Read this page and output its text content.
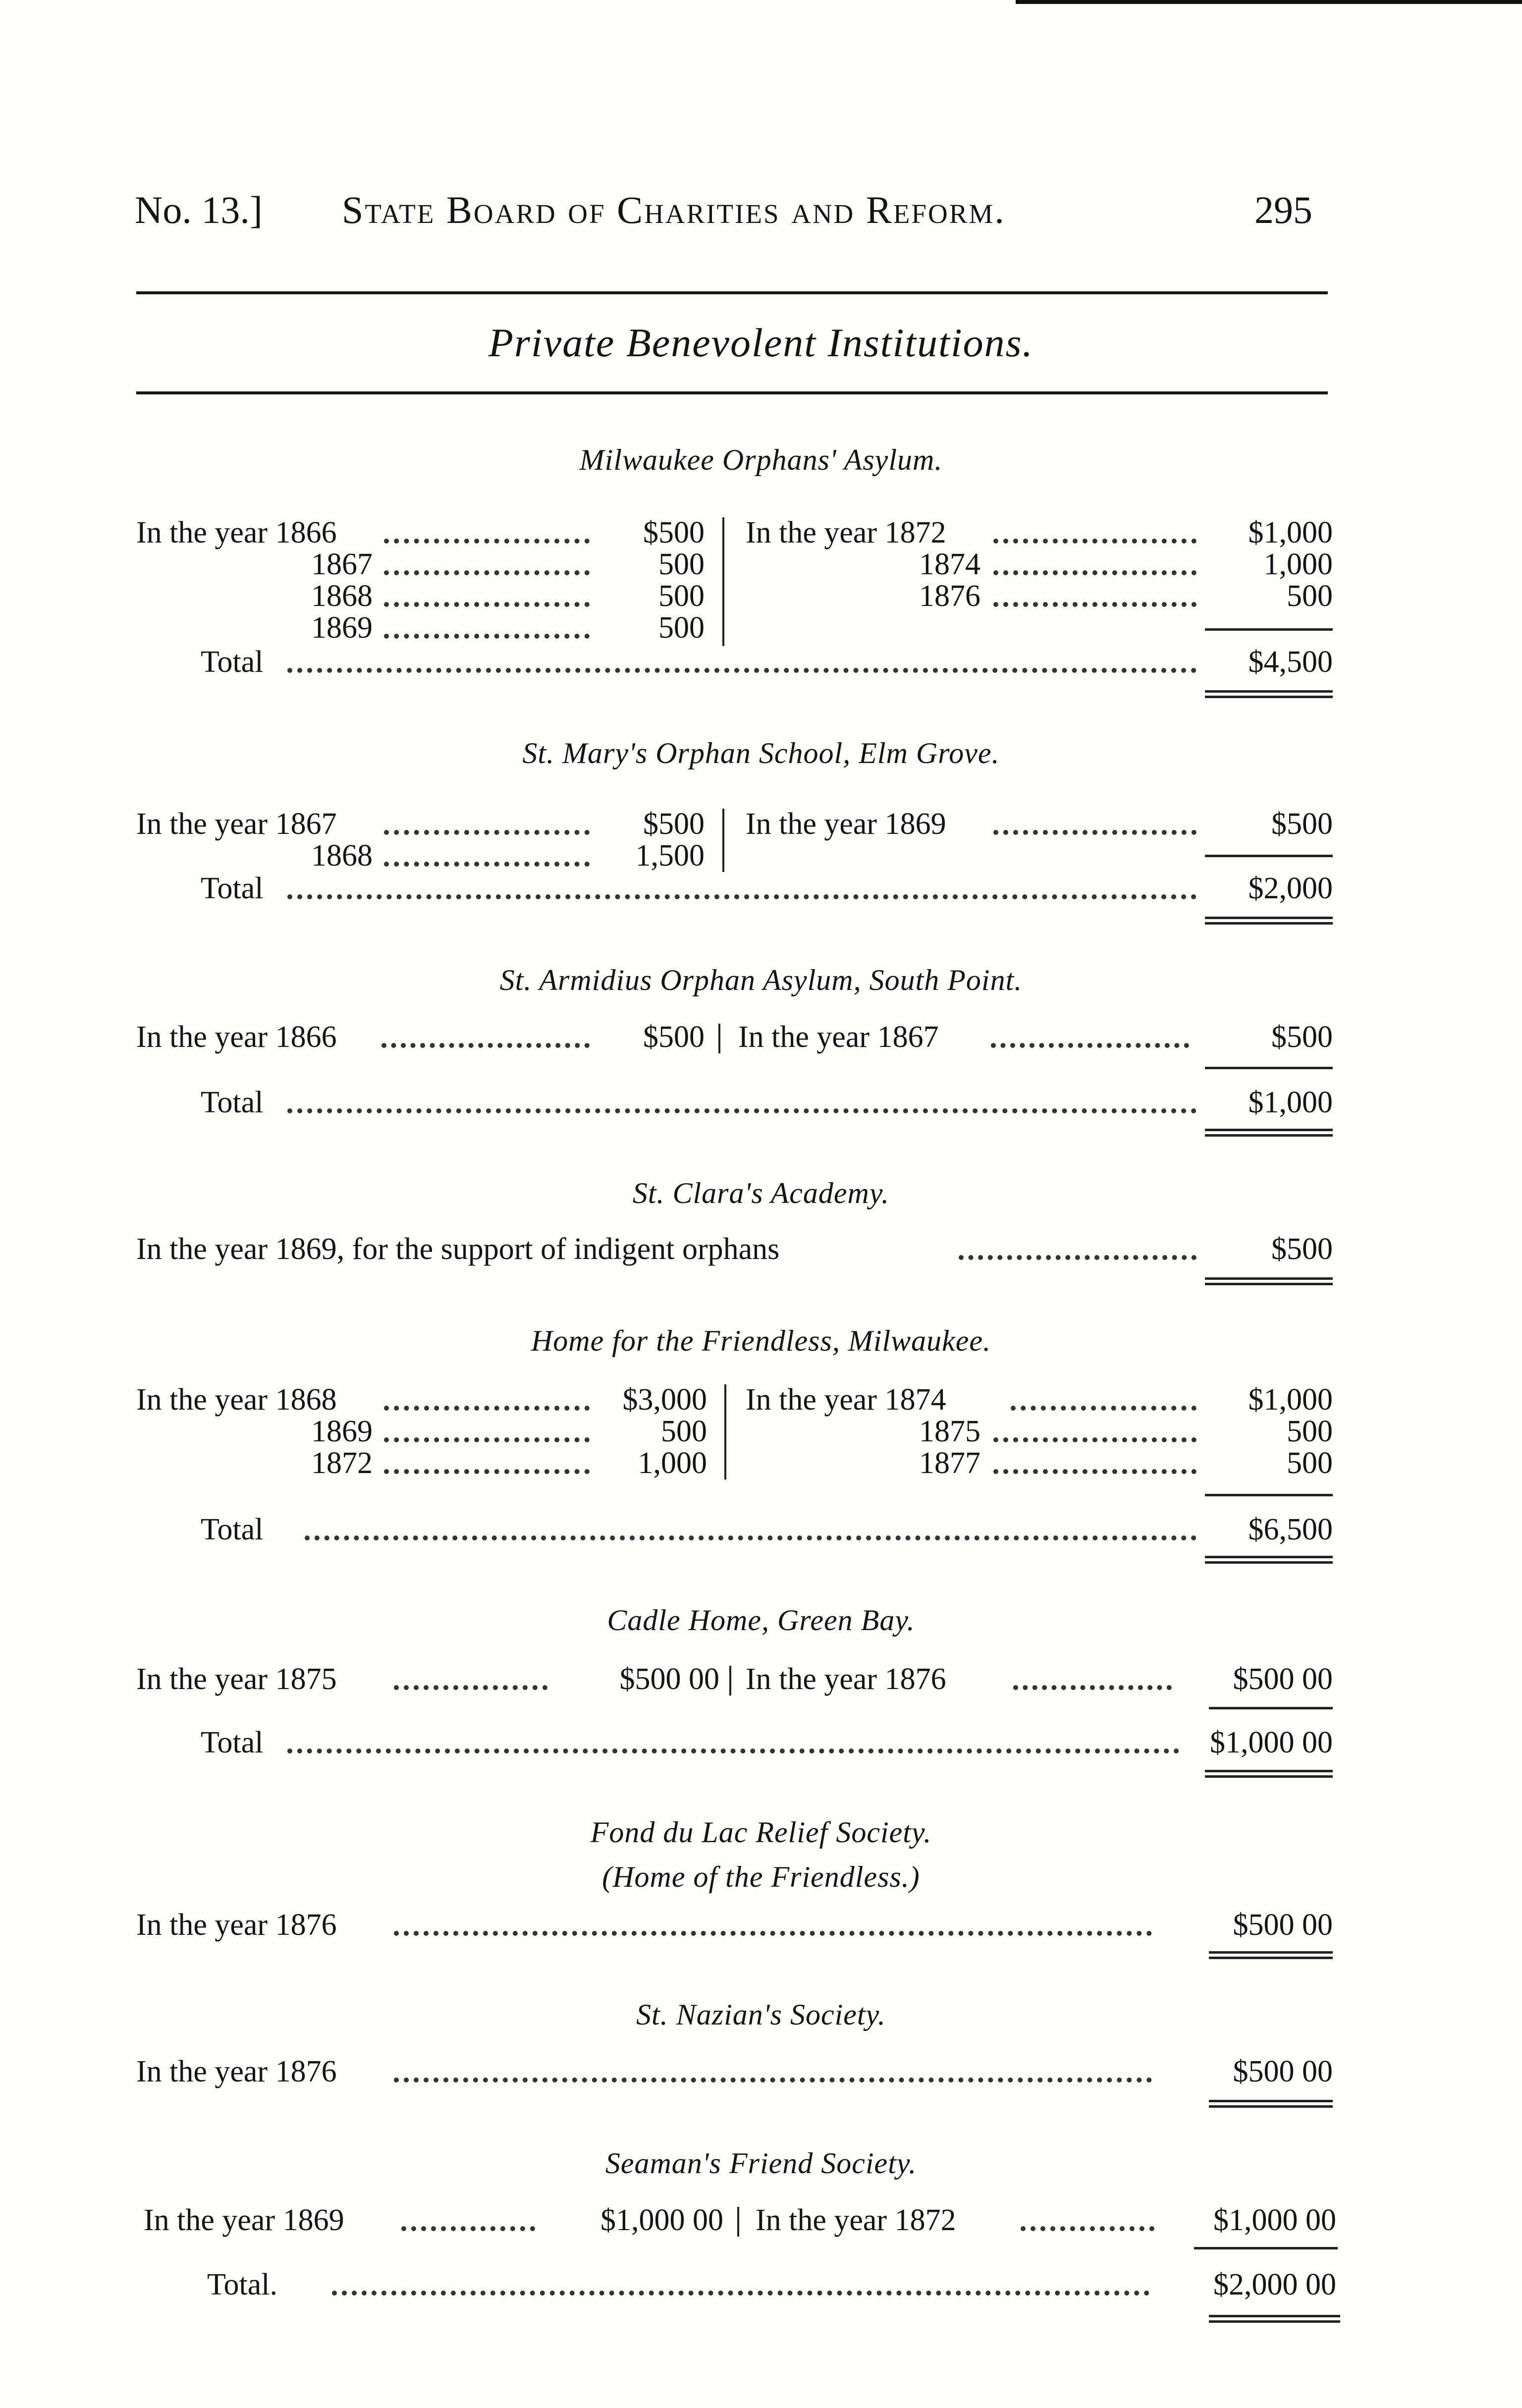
No. 13.] State Board of Charities and Reform.	295
Private Benevolent Institutions.
Milwaukee Orphans' Asylum.
In the year 1866	$500
1867	500
1868	500
1869	500
In the year 1872	$1,000
1874	1,000
1876	500
Total	$4,500
St. Mary's Orphan School, Elm Grove.
In the year 1867	$500
1868	1,500
In the year 1869	$500
Total	$2,000
St. Armidius Orphan Asylum, South Point.
In the year 1866	$500 In the year 1867	$500
Total	$1,000
St. Clara's Academy.
In the year 1869, for the support of indigent orphans	$500
Home for the Friendless, Milwaukee.
In the year 1868	$3,000
1869	500
1872	1,000
In the year 1874	$1,000
1875	500
1877	500
Total	$6,500
Cadle Home, Green Bay.
In the year 1875	$500 00 In the year 1876	$500 00
Total	$1,000 00
Fond du Lac Relief Society.
(Home of the Friendless.)
In the year 1876	$500 00
St. Nazian's Society.
In the year 1876	$500 00
Seaman's Friend Society.
In the year 1869	$1,000 00 In the year 1872	$1,000 00
Total.	$2,000 00
